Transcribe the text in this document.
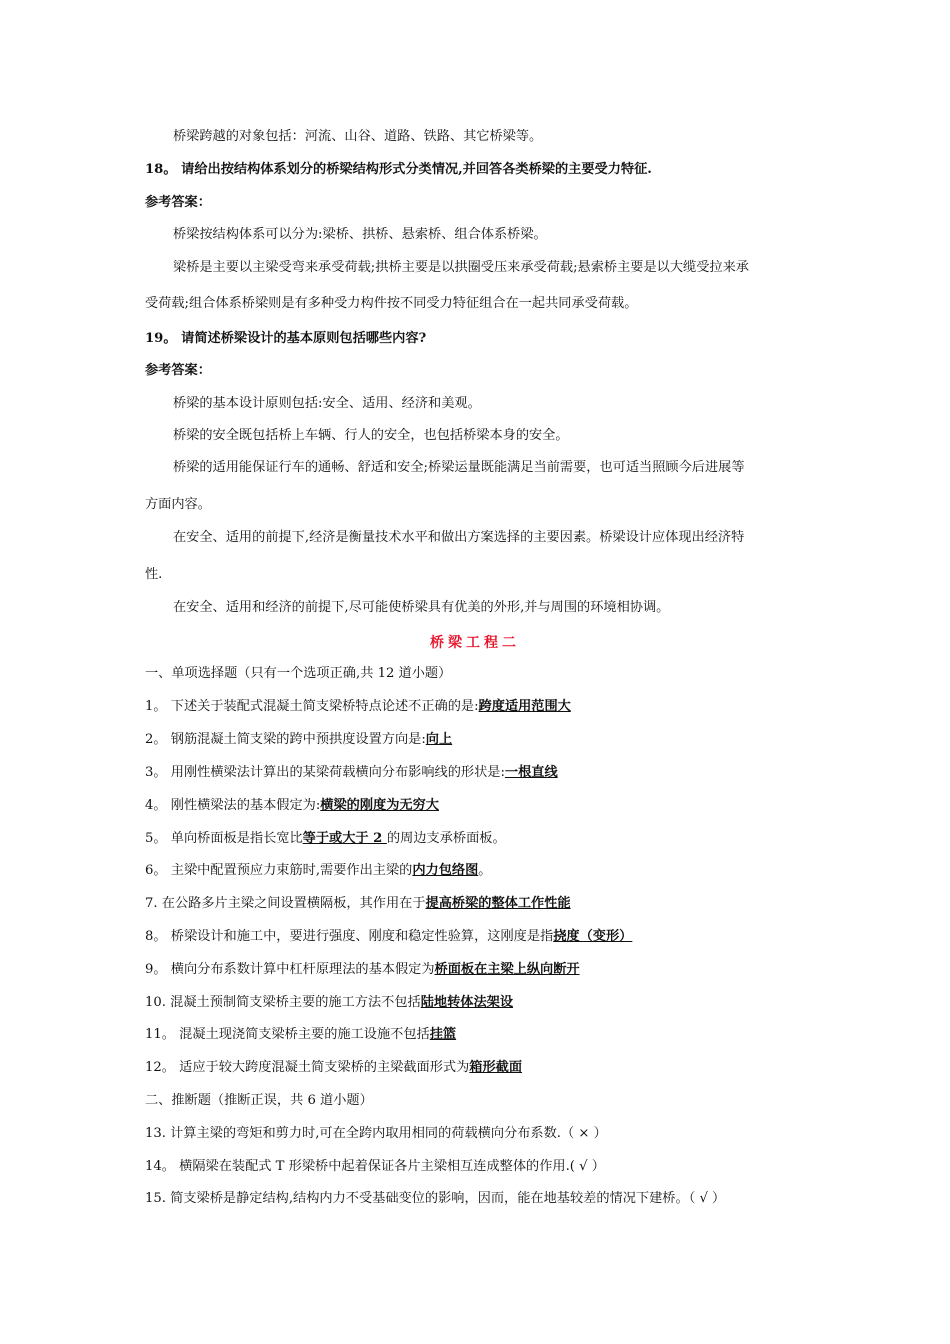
桥梁跨越的对象包括：河流、山谷、道路、铁路、其它桥梁等。
18。 请给出按结构体系划分的桥梁结构形式分类情况,并回答各类桥梁的主要受力特征.
参考答案：
桥梁按结构体系可以分为:梁桥、拱桥、悬索桥、组合体系桥梁。
梁桥是主要以主梁受弯来承受荷载;拱桥主要是以拱圈受压来承受荷载;悬索桥主要是以大缆受拉来承
受荷载;组合体系桥梁则是有多种受力构件按不同受力特征组合在一起共同承受荷载。
19。 请简述桥梁设计的基本原则包括哪些内容?
参考答案：
桥梁的基本设计原则包括:安全、适用、经济和美观。
桥梁的安全既包括桥上车辆、行人的安全，也包括桥梁本身的安全。
桥梁的适用能保证行车的通畅、舒适和安全;桥梁运量既能满足当前需要，也可适当照顾今后进展等
方面内容。
在安全、适用的前提下,经济是衡量技术水平和做出方案选择的主要因素。桥梁设计应体现出经济特
性.
在安全、适用和经济的前提下,尽可能使桥梁具有优美的外形,并与周围的环境相协调。
桥梁工程二
一、单项选择题（只有一个选项正确,共 12 道小题）
1。 下述关于装配式混凝土简支梁桥特点论述不正确的是:跨度适用范围大
2。 钢筋混凝土简支梁的跨中预拱度设置方向是:向上
3。 用刚性横梁法计算出的某梁荷载横向分布影响线的形状是:一根直线
4。 刚性横梁法的基本假定为:横梁的刚度为无穷大
5。 单向桥面板是指长宽比等于或大于 2 的周边支承桥面板。
6。 主梁中配置预应力束筋时,需要作出主梁的内力包络图。
7. 在公路多片主梁之间设置横隔板，其作用在于提高桥梁的整体工作性能
8。 桥梁设计和施工中，要进行强度、刚度和稳定性验算，这刚度是指挠度（变形）
9。 横向分布系数计算中杠杆原理法的基本假定为桥面板在主梁上纵向断开
10. 混凝土预制简支梁桥主要的施工方法不包括陆地转体法架设
11。 混凝土现浇简支梁桥主要的施工设施不包括挂篮
12。 适应于较大跨度混凝土简支梁桥的主梁截面形式为箱形截面
二、推断题（推断正误，共 6 道小题）
13. 计算主梁的弯矩和剪力时,可在全跨内取用相同的荷载横向分布系数.（ × ）
14。 横隔梁在装配式 T 形梁桥中起着保证各片主梁相互连成整体的作用.( √ ）
15. 简支梁桥是静定结构,结构内力不受基础变位的影响，因而，能在地基较差的情况下建桥。（ √ ）
